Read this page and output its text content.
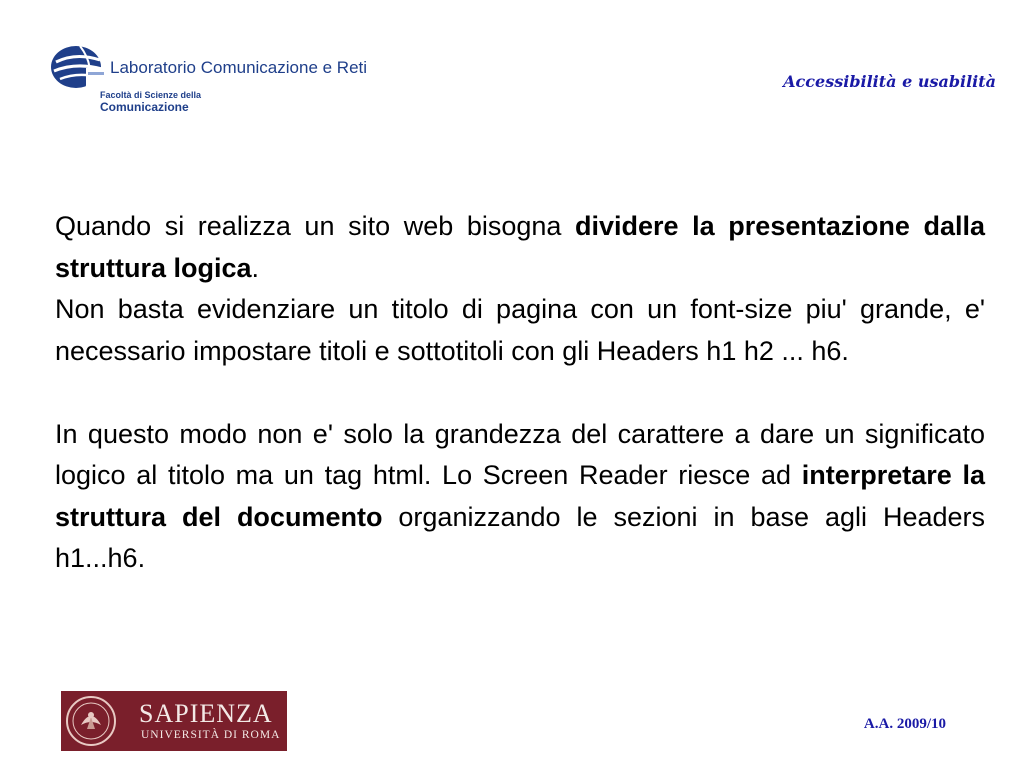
Laboratorio Comunicazione e Reti
Facoltà di Scienze della
Comunicazione
Accessibilità e usabilità

Quando si realizza un sito web bisogna dividere la presentazione dalla struttura logica.

Non basta evidenziare un titolo di pagina con un font-size piu' grande, e' necessario impostare titoli e sottotitoli con gli Headers h1 h2 ... h6.

In questo modo non e' solo la grandezza del carattere a dare un significato logico al titolo ma un tag html. Lo Screen Reader riesce ad interpretare la struttura del documento organizzando le sezioni in base agli Headers h1...h6.

SAPIENZA
UNIVERSITÀ DI ROMA
A.A. 2009/10
